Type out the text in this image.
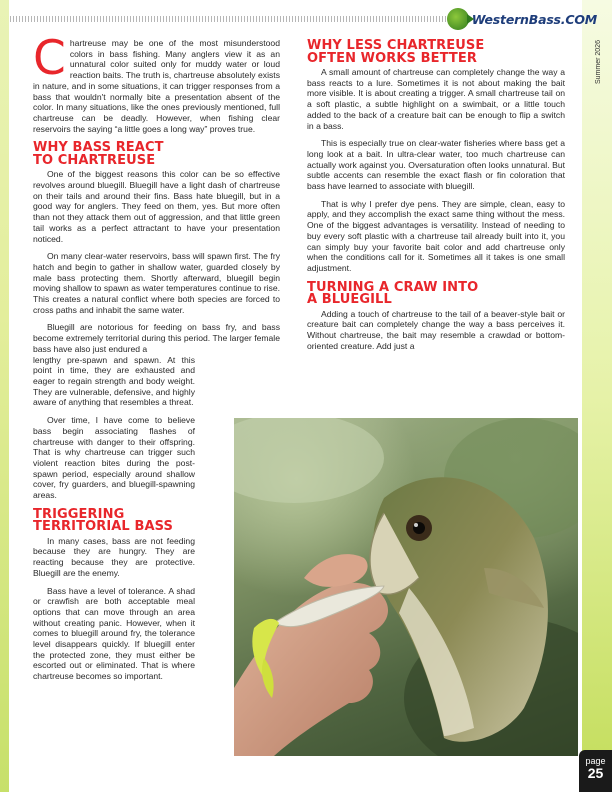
WesternBass.COM
Summer 2026

Chartreuse may be one of the most misunderstood colors in bass fishing. Many anglers view it as an unnatural color suited only for muddy water or loud reaction baits. The truth is, chartreuse absolutely exists in nature, and in some situations, it can trigger responses from a bass that wouldn't normally bite a presentation absent of the color. In many situations, like the ones previously mentioned, full chartreuse can be deadly. However, when fishing clear reservoirs the saying “a little goes a long way” proves true.

WHY BASS REACT
TO CHARTREUSE

One of the biggest reasons this color can be so effective revolves around bluegill. Bluegill have a light dash of chartreuse on their tails and around their fins. Bass hate bluegill, but in a good way for anglers. They feed on them, yes. But more often than not they attack them out of aggression, and that little green tail works as a perfect attractant to have your presentation noticed.

On many clear-water reservoirs, bass will spawn first. The fry hatch and begin to gather in shallow water, guarded closely by male bass protecting them. Shortly afterward, bluegill begin moving shallow to spawn as water temperatures continue to rise. This creates a natural conflict where both species are forced to cross paths and inhabit the same water.

Bluegill are notorious for feeding on bass fry, and bass become extremely territorial during this period. The larger female bass have also just endured a

lengthy pre-spawn and spawn. At this point in time, they are exhausted and eager to regain strength and body weight. They are vulnerable, defensive, and highly aware of anything that resembles a threat.

Over time, I have come to believe bass begin associating flashes of chartreuse with danger to their offspring. That is why chartreuse can trigger such violent reaction bites during the post-spawn period, especially around shallow cover, fry guarders, and bluegill-spawning areas.

TRIGGERING
TERRITORIAL BASS

In many cases, bass are not feeding because they are hungry. They are reacting because they are protective. Bluegill are the enemy.

Bass have a level of tolerance. A shad or crawfish are both acceptable meal options that can move through an area without creating panic. However, when it comes to bluegill around fry, the tolerance level disappears quickly. If bluegill enter the protected zone, they must either be escorted out or eliminated. That is where chartreuse becomes so important.

WHY LESS CHARTREUSE
OFTEN WORKS BETTER

A small amount of chartreuse can completely change the way a bass reacts to a lure. Sometimes it is not about making the bait more visible. It is about creating a trigger. A small chartreuse tail on a soft plastic, a subtle highlight on a swimbait, or a little touch added to the back of a creature bait can be enough to flip a switch in a bass.

This is especially true on clear-water fisheries where bass get a long look at a bait. In ultra-clear water, too much chartreuse can actually work against you. Oversaturation often looks unnatural. But subtle accents can resemble the exact flash or fin coloration that bass have learned to associate with bluegill.

That is why I prefer dye pens. They are simple, clean, easy to apply, and they accomplish the exact same thing without the mess. One of the biggest advantages is versatility. Instead of needing to buy every soft plastic with a chartreuse tail already built into it, you can simply buy your favorite bait color and add chartreuse only when the conditions call for it. Sometimes all it takes is one small adjustment.

TURNING A CRAW INTO
A BLUEGILL

Adding a touch of chartreuse to the tail of a beaver-style bait or creature bait can completely change the way a bass perceives it. Without chartreuse, the bait may resemble a crawdad or bottom-oriented creature. Add just a

page
25
